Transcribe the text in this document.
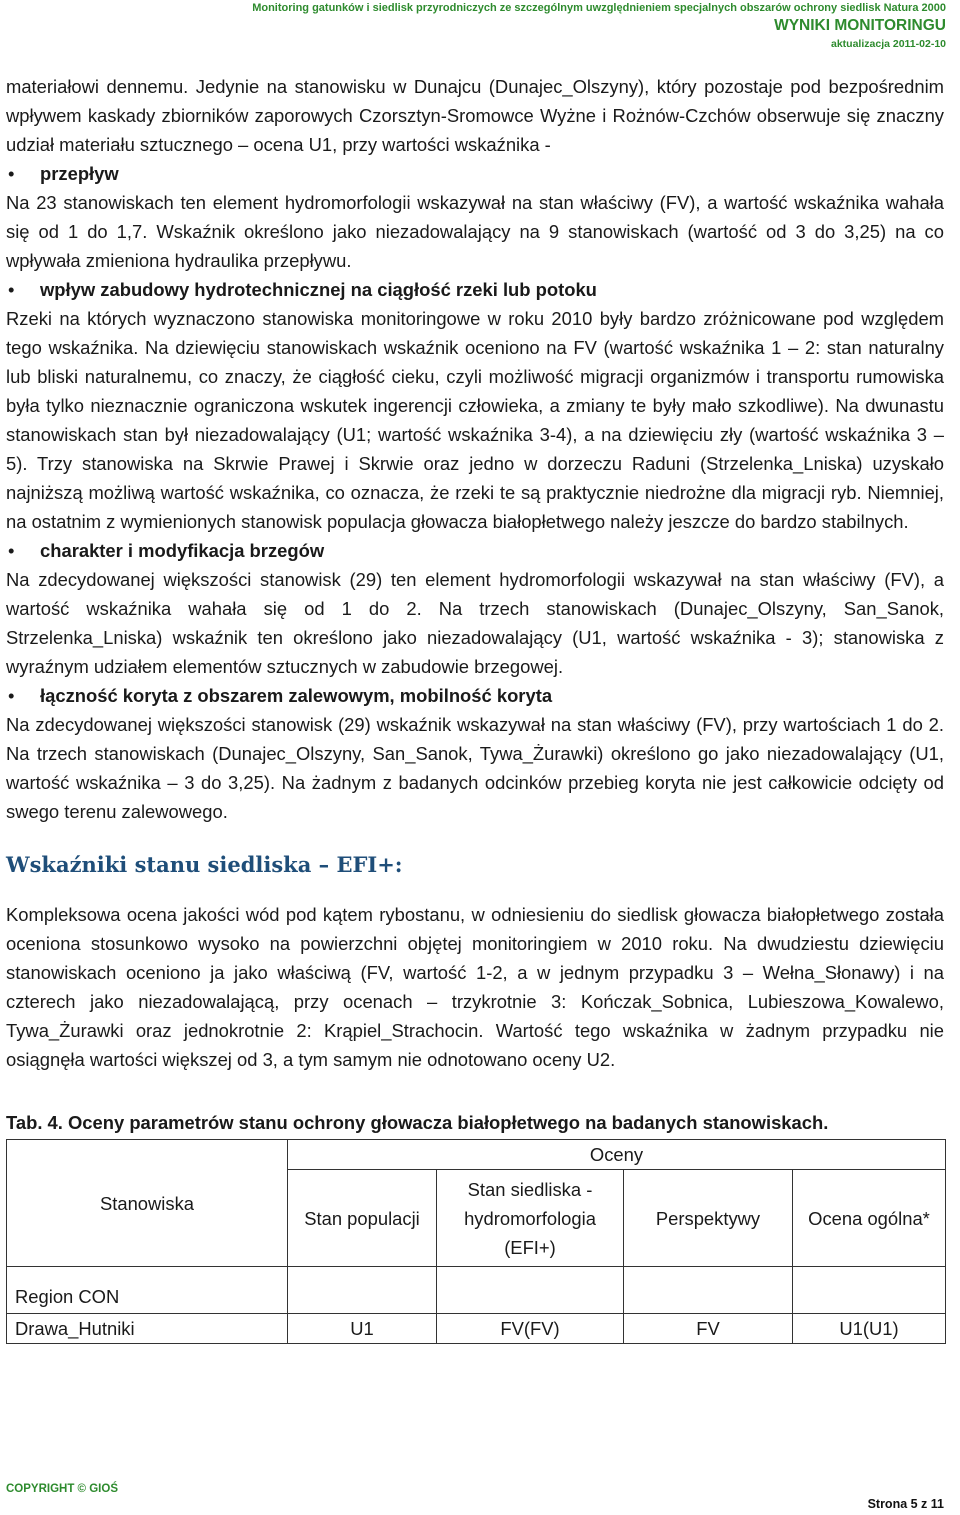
Monitoring gatunków i siedlisk przyrodniczych ze szczególnym uwzględnieniem specjalnych obszarów ochrony siedlisk Natura 2000
WYNIKI MONITORINGU
aktualizacja 2011-02-10

materiałowi dennemu. Jedynie na stanowisku w Dunajcu (Dunajec_Olszyny), który pozostaje pod bezpośrednim wpływem kaskady zbiorników zaporowych Czorsztyn-Sromowce Wyżne i Rożnów-Czchów obserwuje się znaczny udział materiału sztucznego – ocena U1, przy wartości wskaźnika -

• przepływ

Na 23 stanowiskach ten element hydromorfologii wskazywał na stan właściwy (FV), a wartość wskaźnika wahała się od 1 do 1,7. Wskaźnik określono jako niezadowalający na 9 stanowiskach (wartość od 3 do 3,25) na co wpływała zmieniona hydraulika przepływu.

• wpływ zabudowy hydrotechnicznej na ciągłość rzeki lub potoku

Rzeki na których wyznaczono stanowiska monitoringowe w roku 2010 były bardzo zróżnicowane pod względem tego wskaźnika. Na dziewięciu stanowiskach wskaźnik oceniono na FV (wartość wskaźnika 1 – 2: stan naturalny lub bliski naturalnemu, co znaczy, że ciągłość cieku, czyli możliwość migracji organizmów i transportu rumowiska była tylko nieznacznie ograniczona wskutek ingerencji człowieka, a zmiany te były mało szkodliwe). Na dwunastu stanowiskach stan był niezadowalający (U1; wartość wskaźnika 3-4), a na dziewięciu zły (wartość wskaźnika 3 – 5). Trzy stanowiska na Skrwie Prawej i Skrwie oraz jedno w dorzeczu Raduni (Strzelenka_Lniska) uzyskało najniższą możliwą wartość wskaźnika, co oznacza, że rzeki te są praktycznie niedrożne dla migracji ryb. Niemniej, na ostatnim z wymienionych stanowisk populacja głowacza białopłetwego należy jeszcze do bardzo stabilnych.

• charakter i modyfikacja brzegów

Na zdecydowanej większości stanowisk (29) ten element hydromorfologii wskazywał na stan właściwy (FV), a wartość wskaźnika wahała się od 1 do 2. Na trzech stanowiskach (Dunajec_Olszyny, San_Sanok, Strzelenka_Lniska) wskaźnik ten określono jako niezadowalający (U1, wartość wskaźnika - 3); stanowiska z wyraźnym udziałem elementów sztucznych w zabudowie brzegowej.

• łączność koryta z obszarem zalewowym, mobilność koryta

Na zdecydowanej większości stanowisk (29) wskaźnik wskazywał na stan właściwy (FV), przy wartościach 1 do 2. Na trzech stanowiskach (Dunajec_Olszyny, San_Sanok, Tywa_Żurawki) określono go jako niezadowalający (U1, wartość wskaźnika – 3 do 3,25). Na żadnym z badanych odcinków przebieg koryta nie jest całkowicie odcięty od swego terenu zalewowego.

Wskaźniki stanu siedliska – EFI+:

Kompleksowa ocena jakości wód pod kątem rybostanu, w odniesieniu do siedlisk głowacza białopłetwego została oceniona stosunkowo wysoko na powierzchni objętej monitoringiem w 2010 roku. Na dwudziestu dziewięciu stanowiskach oceniono ja jako właściwą (FV, wartość 1-2, a w jednym przypadku 3 – Wełna_Słonawy) i na czterech jako niezadowalającą, przy ocenach – trzykrotnie 3: Kończak_Sobnica, Lubieszowa_Kowalewo, Tywa_Żurawki oraz jednokrotnie 2: Krąpiel_Strachocin. Wartość tego wskaźnika w żadnym przypadku nie osiągnęła wartości większej od 3, a tym samym nie odnotowano oceny U2.

Tab. 4. Oceny parametrów stanu ochrony głowacza białopłetwego na badanych stanowiskach.

Stanowiska	Oceny			
	Stan populacji	Stan siedliska - hydromorfologia (EFI+)	Perspektywy	Ocena ogólna*
Region CON				
Drawa_Hutniki	U1	FV(FV)	FV	U1(U1)
COPYRIGHT © GIOŚ
Strona 5 z 11
